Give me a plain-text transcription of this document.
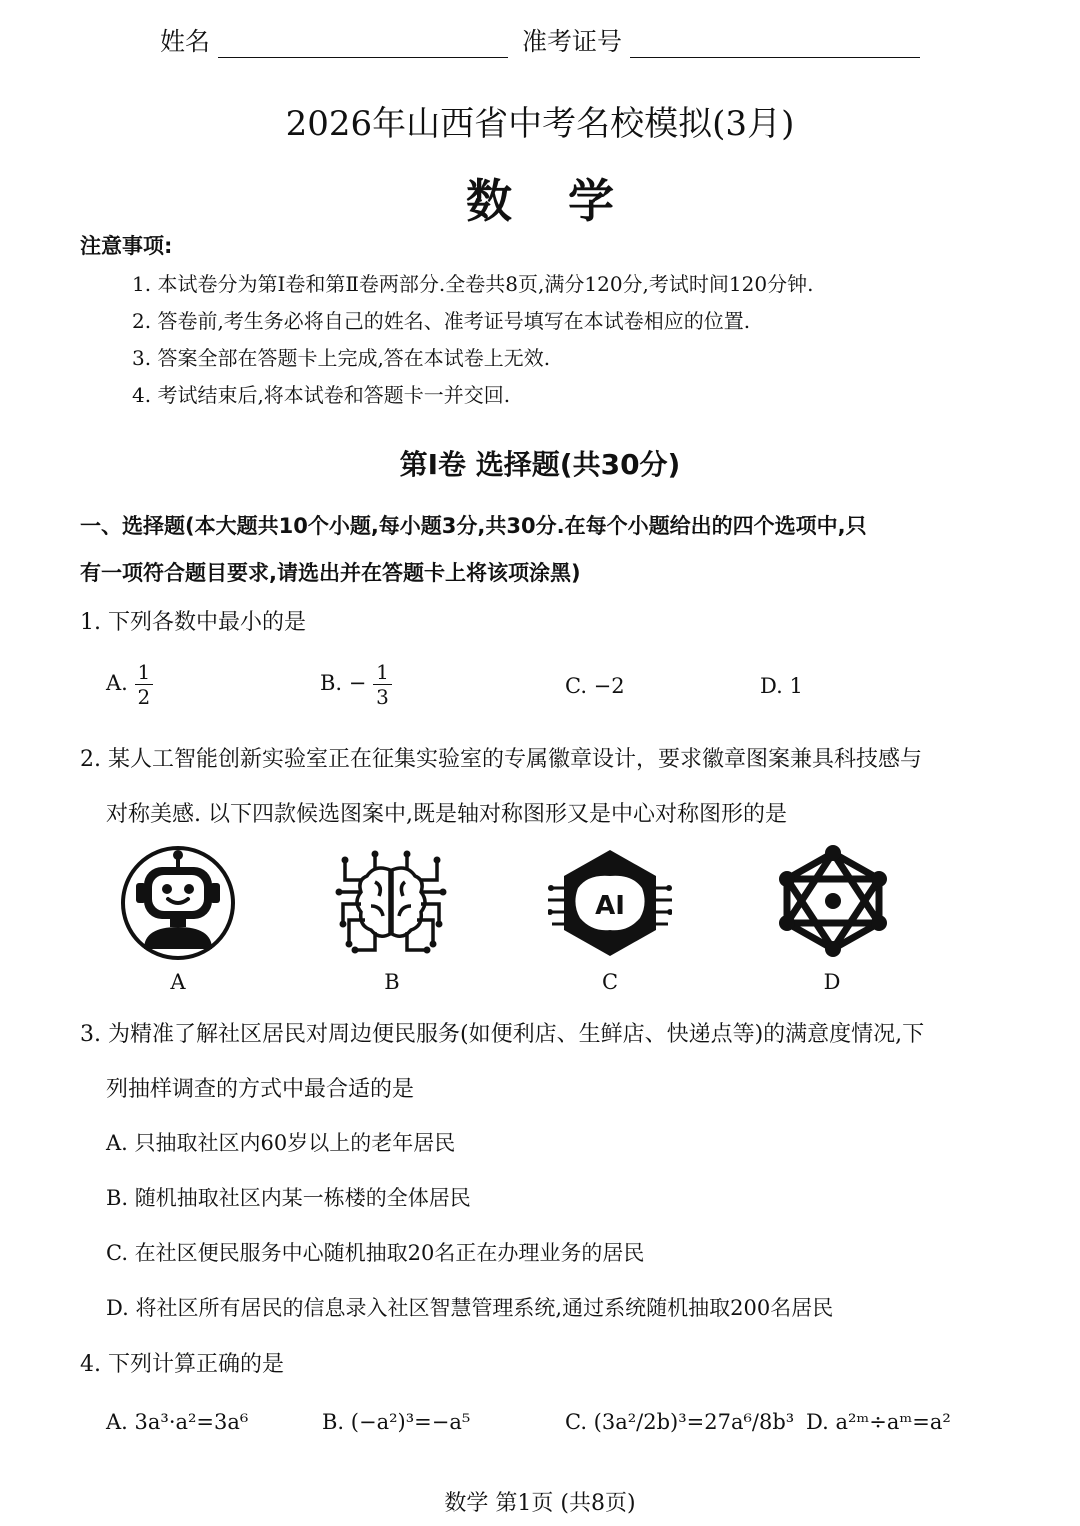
姓名	准考证号
2026年山西省中考名校模拟(3月)
数学
注意事项:
1. 本试卷分为第Ⅰ卷和第Ⅱ卷两部分.全卷共8页,满分120分,考试时间120分钟.
2. 答卷前,考生务必将自己的姓名、准考证号填写在本试卷相应的位置.
3. 答案全部在答题卡上完成,答在本试卷上无效.
4. 考试结束后,将本试卷和答题卡一并交回.
第Ⅰ卷 选择题(共30分)
一、选择题(本大题共10个小题,每小题3分,共30分.在每个小题给出的四个选项中,只
有一项符合题目要求,请选出并在答题卡上将该项涂黑)
1. 下列各数中最小的是
A. $\frac{1}{2}$	B. − $\frac{1}{3}$	C. −2	D. 1
2. 某人工智能创新实验室正在征集实验室的专属徽章设计，要求徽章图案兼具科技感与
对称美感. 以下四款候选图案中,既是轴对称图形又是中心对称图形的是
A	B
AI
C	D
3. 为精准了解社区居民对周边便民服务(如便利店、生鲜店、快递点等)的满意度情况,下
列抽样调查的方式中最合适的是
A. 只抽取社区内60岁以上的老年居民
B. 随机抽取社区内某一栋楼的全体居民
C. 在社区便民服务中心随机抽取20名正在办理业务的居民
D. 将社区所有居民的信息录入社区智慧管理系统,通过系统随机抽取200名居民
4. 下列计算正确的是
A. 3a³·a²=3a⁶	B. (−a²)³=−a⁵	C. (3a²/2b)³=27a⁶/8b³ D. a²ᵐ÷aᵐ=a²
数学 第1页 (共8页)
